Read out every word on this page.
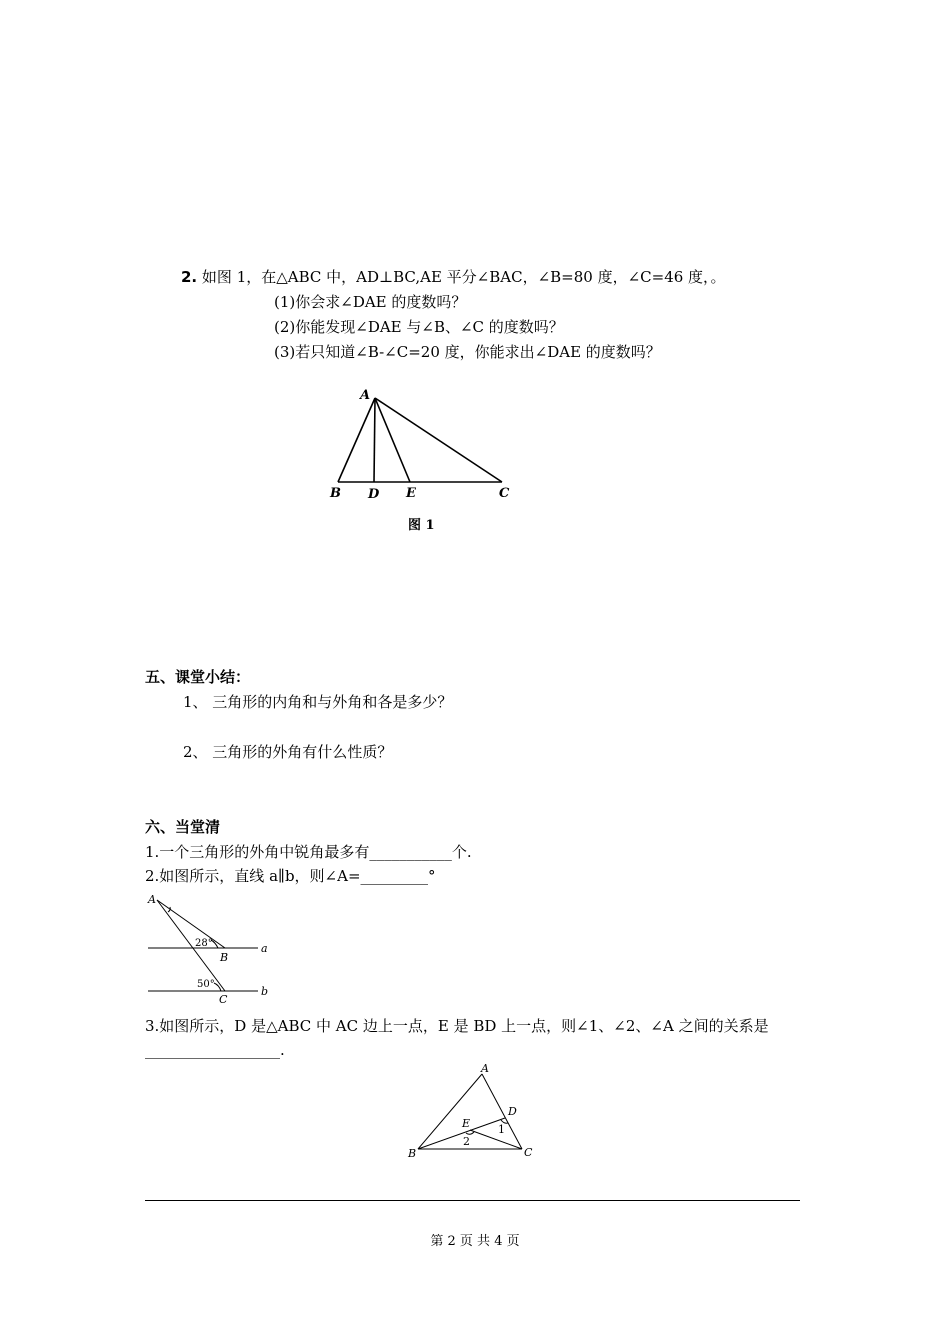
2. 如图 1，在△ABC 中，AD⊥BC,AE 平分∠BAC，∠B=80 度，∠C=46 度，。
(1)你会求∠DAE 的度数吗？
(2)你能发现∠DAE 与∠B、∠C 的度数吗？
(3)若只知道∠B-∠C=20 度，你能求出∠DAE 的度数吗？
A
B D E	C
图 1
五、课堂小结：
1、 三角形的内角和与外角和各是多少？
2、 三角形的外角有什么性质？
六、当堂清
1.一个三角形的外角中锐角最多有___________个.
2.如图所示，直线 a∥b，则∠A=_________°
A
B
C
a
b
28°
50°
3.如图所示，D 是△ABC 中 AC 边上一点，E 是 BD 上一点，则∠1、∠2、∠A 之间的关系是
__________________.
A
B	C
D
E	1
2
第 2 页 共 4 页
